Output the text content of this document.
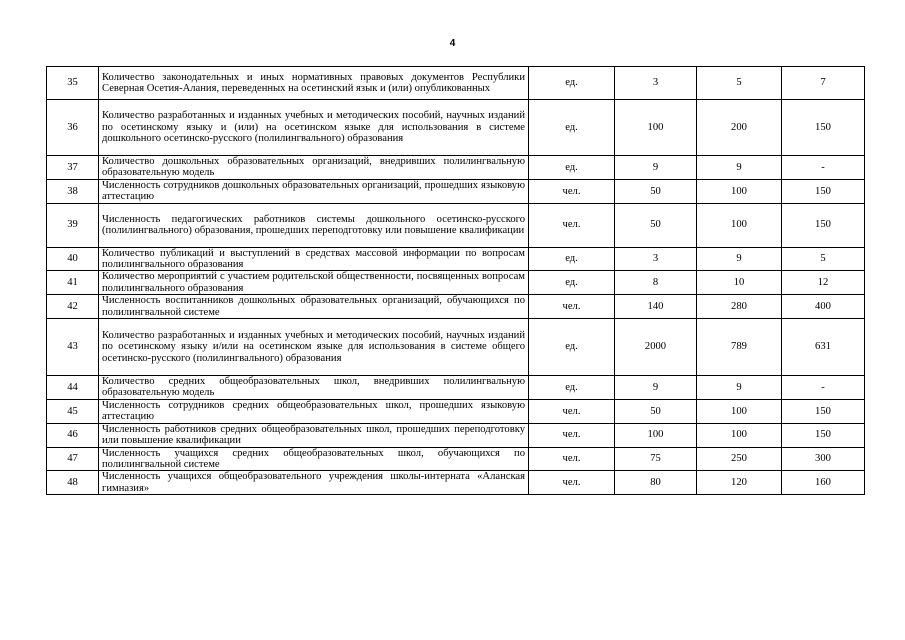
4
35	Количество законодательных и иных нормативных правовых документов Республики Северная Осетия-Алания, переведенных на осетинский язык и (или) опубликованных	ед.	3	5	7
36	Количество разработанных и изданных учебных и методических пособий, научных изданий по осетинскому языку и (или) на осетинском языке для использования в системе дошкольного осетинско-русского (полилингвального) образования	ед.	100	200	150
37	Количество дошкольных образовательных организаций, внедривших полилингвальную образовательную модель	ед.	9	9	-
38	Численность сотрудников дошкольных образовательных организаций, прошедших языковую аттестацию	чел.	50	100	150
39	Численность педагогических работников системы дошкольного осетинско-русского (полилингвального) образования, прошедших переподготовку или повышение квалификации	чел.	50	100	150
40	Количество публикаций и выступлений в средствах массовой информации по вопросам полилингвального образования	ед.	3	9	5
41	Количество мероприятий с участием родительской общественности, посвященных вопросам полилингвального образования	ед.	8	10	12
42	Численность воспитанников дошкольных образовательных организаций, обучающихся по полилингвальной системе	чел.	140	280	400
43	Количество разработанных и изданных учебных и методических пособий, научных изданий по осетинскому языку и/или на осетинском языке для использования в системе общего осетинско-русского (полилингвального) образования	ед.	2000	789	631
44	Количество средних общеобразовательных школ, внедривших полилингвальную образовательную модель	ед.	9	9	-
45	Численность сотрудников средних общеобразовательных школ, прошедших языковую аттестацию	чел.	50	100	150
46	Численность работников средних общеобразовательных школ, прошедших переподготовку или повышение квалификации	чел.	100	100	150
47	Численность учащихся средних общеобразовательных школ, обучающихся по полилингвальной системе	чел.	75	250	300
48	Численность учащихся общеобразовательного учреждения школы-интерната «Аланская гимназия»	чел.	80	120	160
